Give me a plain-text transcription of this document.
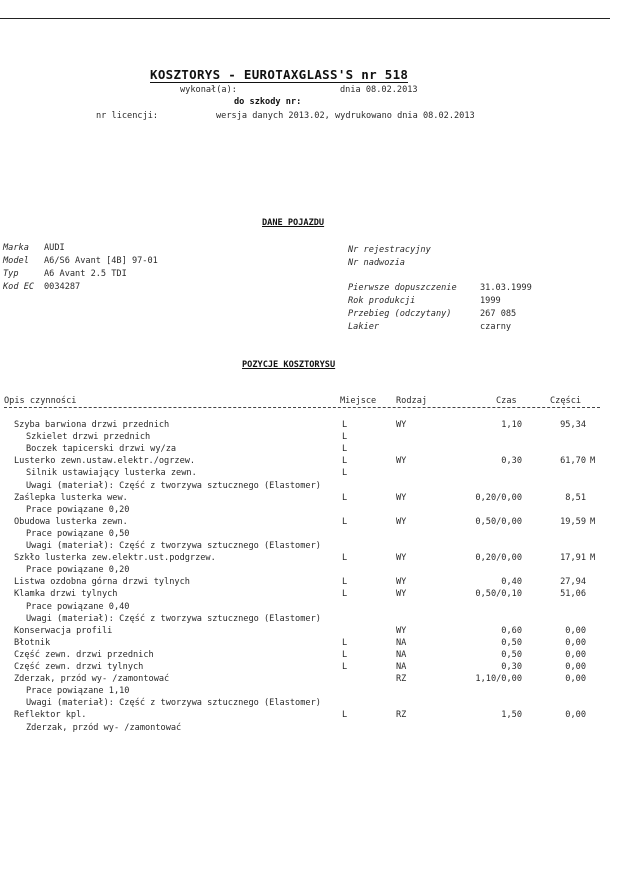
KOSZTORYS - EUROTAXGLASS'S nr 518
wykonał(a):	dnia 08.02.2013
do szkody nr:
nr licencji:	wersja danych 2013.02, wydrukowano dnia 08.02.2013
DANE POJAZDU
Marka AUDI
Model A6/S6 Avant [4B] 97-01
Typ	A6 Avant 2.5 TDI
Kod EC 0034287
Nr rejestracyjny
Nr nadwozia
Pierwsze dopuszczenie	31.03.1999
Rok produkcji	1999
Przebieg (odczytany)	267 085
Lakier	czarny
POZYCJE KOSZTORYSU
Opis czynności	Miejsce Rodzaj	Czas	Części
Szyba barwiona drzwi przednich	L	WY	1,10	95,34
Szkielet drzwi przednich	L
Boczek tapicerski drzwi wy/za	L
Lusterko zewn.ustaw.elektr./ogrzew.	L	WY	0,30	61,70 M
Silnik ustawiający lusterka zewn.	L
Uwagi (materiał): Część z tworzywa sztucznego (Elastomer)
Zaślepka lusterka wew.	L	WY	0,20/0,00	8,51
Prace powiązane 0,20
Obudowa lusterka zewn.	L	WY	0,50/0,00	19,59 M
Prace powiązane 0,50
Uwagi (materiał): Część z tworzywa sztucznego (Elastomer)
Szkło lusterka zew.elektr.ust.podgrzew.	L	WY	0,20/0,00	17,91 M
Prace powiązane 0,20
Listwa ozdobna górna drzwi tylnych	L	WY	0,40	27,94
Klamka drzwi tylnych	L	WY	0,50/0,10	51,06
Prace powiązane 0,40
Uwagi (materiał): Część z tworzywa sztucznego (Elastomer)
Konserwacja profili	WY	0,60	0,00
Błotnik	L	NA	0,50	0,00
Część zewn. drzwi przednich	L	NA	0,50	0,00
Część zewn. drzwi tylnych	L	NA	0,30	0,00
Zderzak, przód wy- /zamontować	RZ	1,10/0,00	0,00
Prace powiązane 1,10
Uwagi (materiał): Część z tworzywa sztucznego (Elastomer)
Reflektor kpl.	L	RZ	1,50	0,00
Zderzak, przód wy- /zamontować
